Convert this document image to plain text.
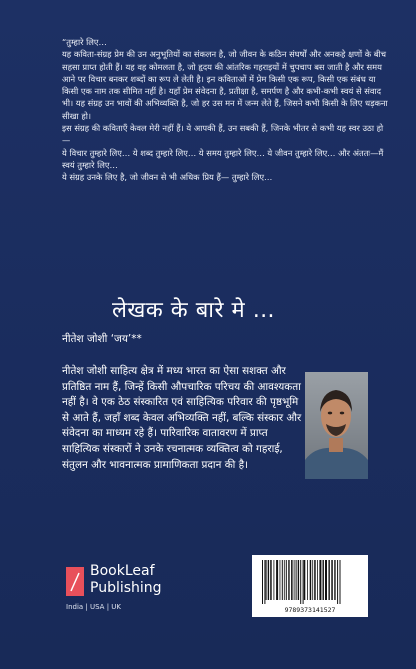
“तुम्हारे लिए…

यह कविता-संग्रह प्रेम की उन अनुभूतियों का संकलन है, जो जीवन के कठिन संघर्षों और अनकहे क्षणों के बीच सहसा प्राप्त होती हैं। यह वह कोमलता है, जो हृदय की आंतरिक गहराइयों में चुपचाप बस जाती है और समय आने पर विचार बनकर शब्दों का रूप ले लेती है। इन कविताओं में प्रेम किसी एक रूप, किसी एक संबंध या किसी एक नाम तक सीमित नहीं है। यहाँ प्रेम संवेदना है, प्रतीक्षा है, समर्पण है और कभी-कभी स्वयं से संवाद भी। यह संग्रह उन भावों की अभिव्यक्ति है, जो हर उस मन में जन्म लेते हैं, जिसने कभी किसी के लिए धड़कना सीखा हो।

इस संग्रह की कविताएँ केवल मेरी नहीं हैं। ये आपकी हैं, उन सबकी हैं, जिनके भीतर से कभी यह स्वर उठा हो—

ये विचार तुम्हारे लिए… ये शब्द तुम्हारे लिए… ये समय तुम्हारे लिए… ये जीवन तुम्हारे लिए… और अंततः—मैं स्वयं तुम्हारे लिए…

ये संग्रह उनके लिए है, जो जीवन से भी अधिक प्रिय हैं— तुम्हारे लिए…

लेखक के बारे मे …
नीतेश जोशी ‘जय’**
नीतेश जोशी साहित्य क्षेत्र में मध्य भारत का ऐसा सशक्त और प्रतिष्ठित नाम हैं, जिन्हें किसी औपचारिक परिचय की आवश्यकता नहीं है। वे एक ठेठ संस्कारित एवं साहित्यिक परिवार की पृष्ठभूमि से आते हैं, जहाँ शब्द केवल अभिव्यक्ति नहीं, बल्कि संस्कार और संवेदना का माध्यम रहे हैं। पारिवारिक वातावरण में प्राप्त साहित्यिक संस्कारों ने उनके रचनात्मक व्यक्तित्व को गहराई, संतुलन और भावनात्मक प्रामाणिकता प्रदान की है।
9789373141527
BookLeaf
Publishing
India | USA | UK
